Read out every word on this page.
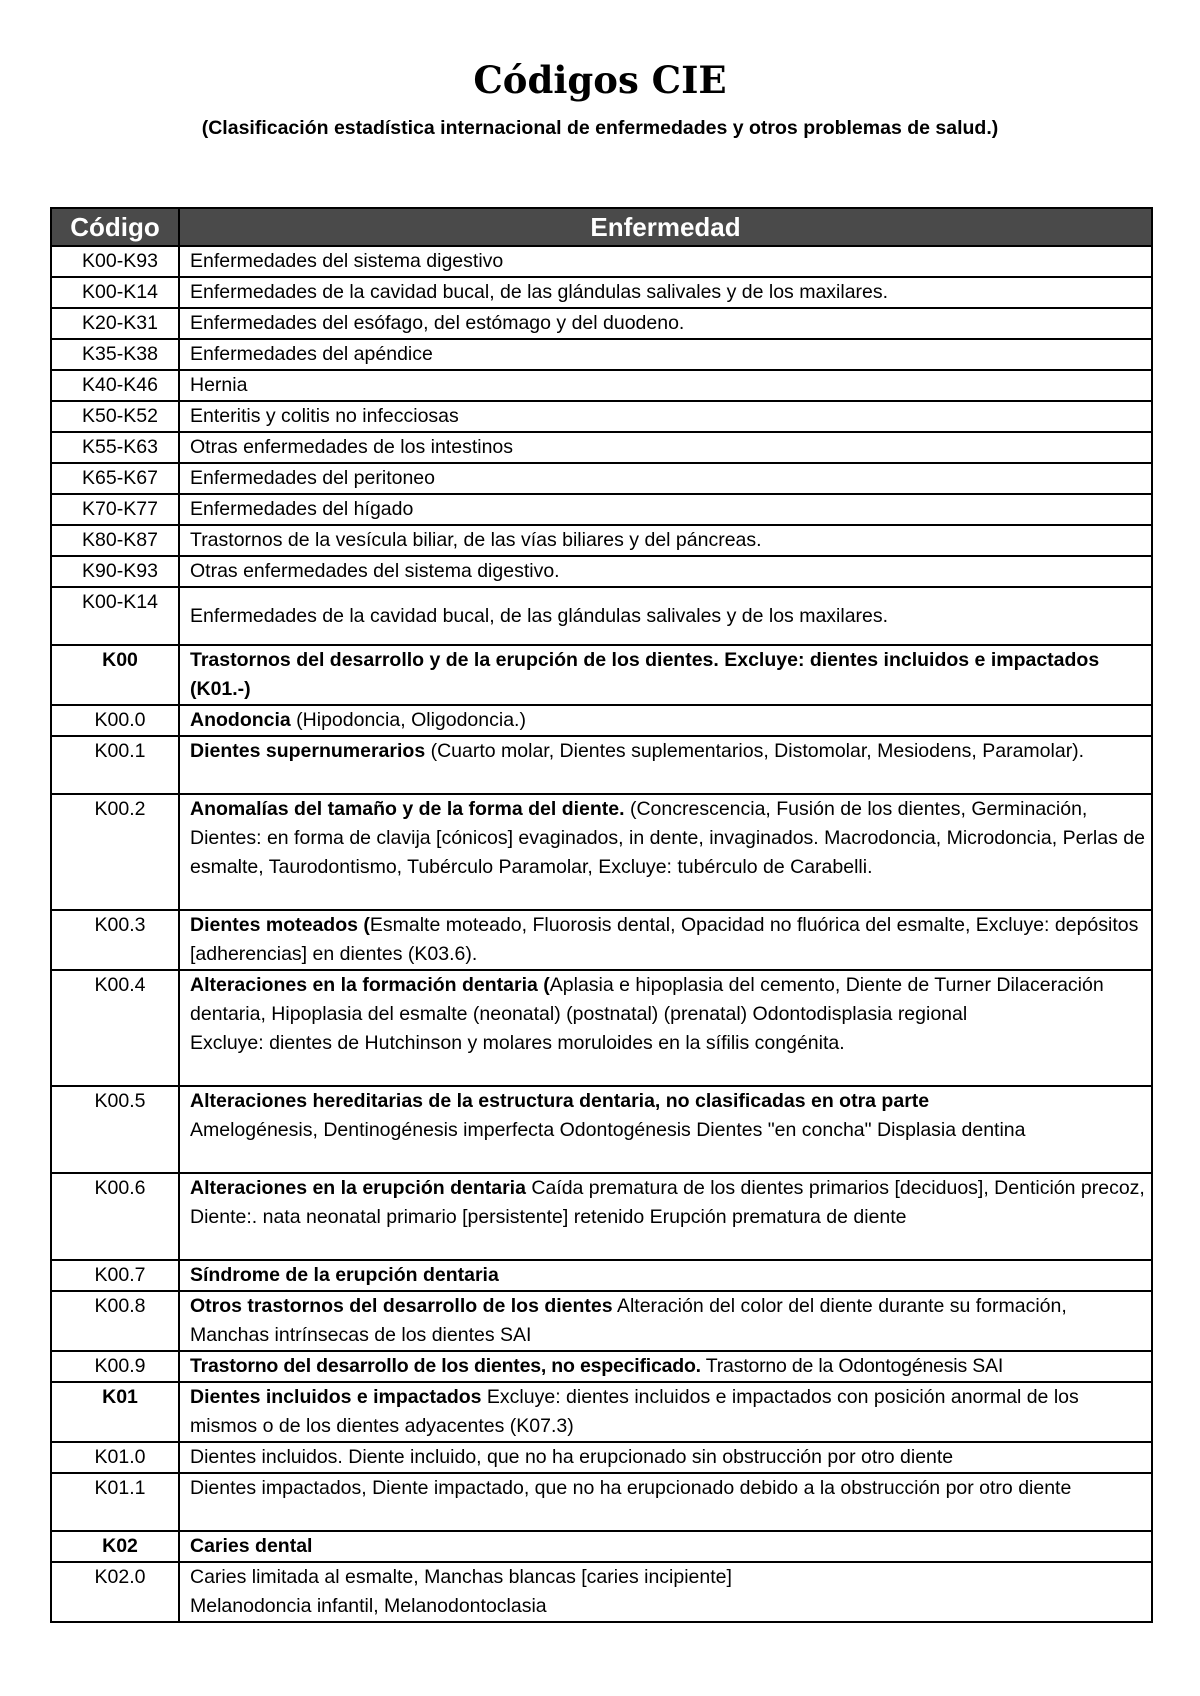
Códigos CIE
(Clasificación estadística internacional de enfermedades y otros problemas de salud.)
Código	Enfermedad
K00-K93	Enfermedades del sistema digestivo
K00-K14	Enfermedades de la cavidad bucal, de las glándulas salivales y de los maxilares.
K20-K31	Enfermedades del esófago, del estómago y del duodeno.
K35-K38	Enfermedades del apéndice
K40-K46	Hernia
K50-K52	Enteritis y colitis no infecciosas
K55-K63	Otras enfermedades de los intestinos
K65-K67	Enfermedades del peritoneo
K70-K77	Enfermedades del hígado
K80-K87	Trastornos de la vesícula biliar, de las vías biliares y del páncreas.
K90-K93	Otras enfermedades del sistema digestivo.
K00-K14	Enfermedades de la cavidad bucal, de las glándulas salivales y de los maxilares.
K00	Trastornos del desarrollo y de la erupción de los dientes. Excluye: dientes incluidos e impactados (K01.-)
K00.0	Anodoncia (Hipodoncia, Oligodoncia.)
K00.1	Dientes supernumerarios (Cuarto molar, Dientes suplementarios, Distomolar, Mesiodens, Paramolar).
K00.2	Anomalías del tamaño y de la forma del diente. (Concrescencia, Fusión de los dientes, Germinación, Dientes: en forma de clavija [cónicos] evaginados, in dente, invaginados. Macrodoncia, Microdoncia, Perlas de esmalte, Taurodontismo, Tubérculo Paramolar, Excluye: tubérculo de Carabelli.
K00.3	Dientes moteados (Esmalte moteado, Fluorosis dental, Opacidad no fluórica del esmalte, Excluye: depósitos [adherencias] en dientes (K03.6).
K00.4	Alteraciones en la formación dentaria (Aplasia e hipoplasia del cemento, Diente de Turner Dilaceración dentaria, Hipoplasia del esmalte (neonatal) (postnatal) (prenatal) Odontodisplasia regional
Excluye: dientes de Hutchinson y molares moruloides en la sífilis congénita.

K00.5	Alteraciones hereditarias de la estructura dentaria, no clasificadas en otra parte
Amelogénesis, Dentinogénesis imperfecta Odontogénesis Dientes "en concha" Displasia dentina
K00.6	Alteraciones en la erupción dentaria Caída prematura de los dientes primarios [deciduos], Dentición precoz, Diente:. nata neonatal primario [persistente] retenido Erupción prematura de diente
K00.7	Síndrome de la erupción dentaria
K00.8	Otros trastornos del desarrollo de los dientes Alteración del color del diente durante su formación, Manchas intrínsecas de los dientes SAI
K00.9	Trastorno del desarrollo de los dientes, no especificado. Trastorno de la Odontogénesis SAI
K01	Dientes incluidos e impactados Excluye: dientes incluidos e impactados con posición anormal de los mismos o de los dientes adyacentes (K07.3)
K01.0	Dientes incluidos. Diente incluido, que no ha erupcionado sin obstrucción por otro diente
K01.1	Dientes impactados, Diente impactado, que no ha erupcionado debido a la obstrucción por otro diente
K02	Caries dental
K02.0	Caries limitada al esmalte, Manchas blancas [caries incipiente]
Melanodoncia infantil, Melanodontoclasia
